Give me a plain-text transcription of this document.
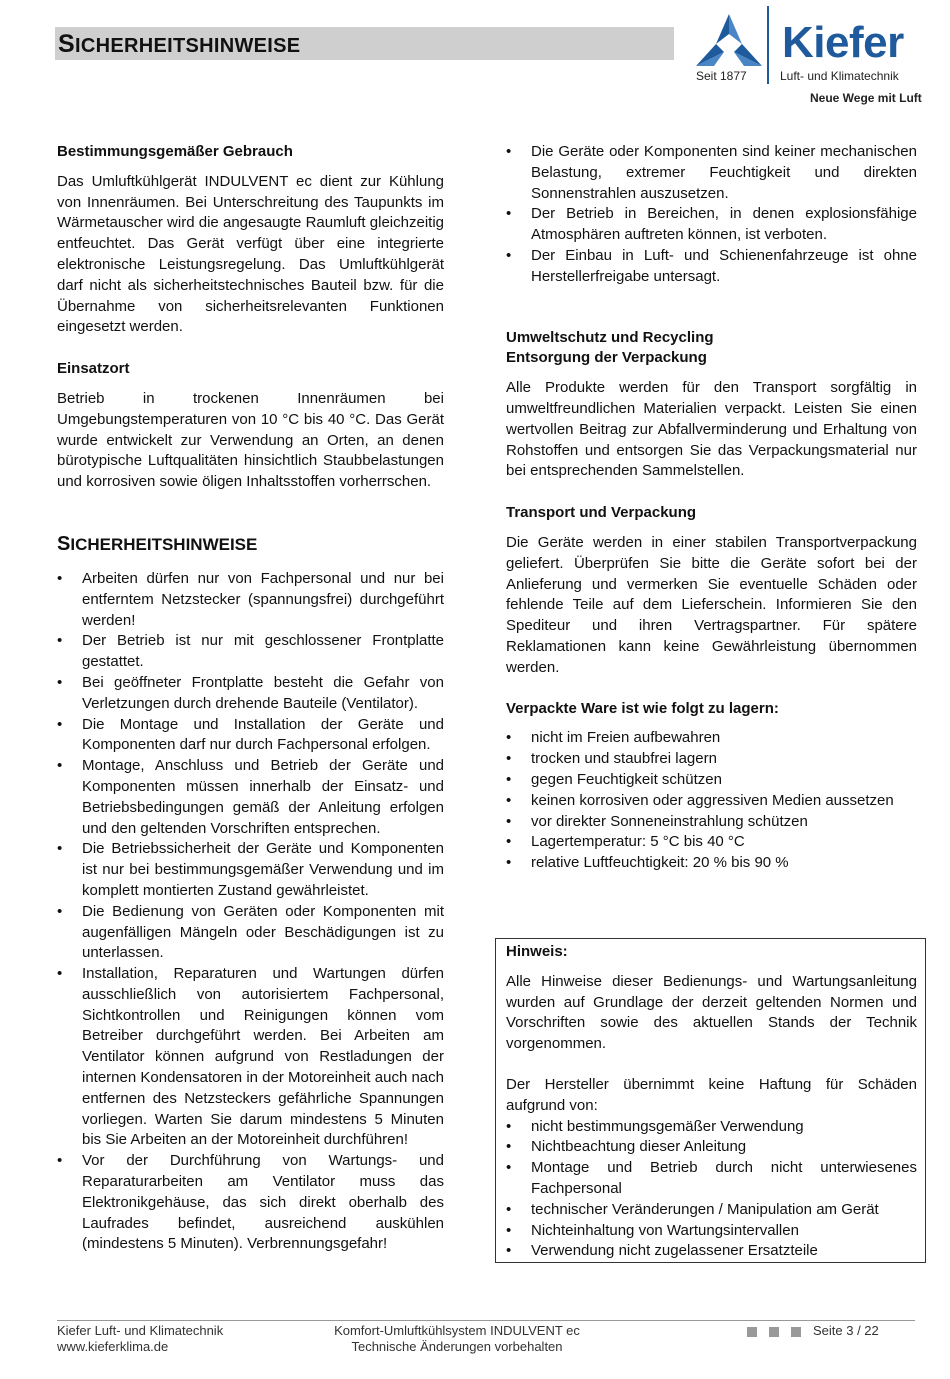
SICHERHEITSHINWEISE	Kiefer
Seit 1877	Luft- und Klimatechnik
Neue Wege mit Luft
Bestimmungsgemäßer Gebrauch

Das Umluftkühlgerät INDULVENT ec dient zur Kühlung von Innenräumen. Bei Unterschreitung des Taupunkts im Wärmetauscher wird die angesaugte Raumluft gleichzeitig entfeuchtet. Das Gerät verfügt über eine integrierte elektronische Leistungsregelung. Das Umluftkühlgerät darf nicht als sicherheitstechnisches Bauteil bzw. für die Übernahme von sicherheitsrelevanten Funktionen eingesetzt werden.

Einsatzort

Betrieb in trockenen Innenräumen bei Umgebungstemperaturen von 10 °C bis 40 °C. Das Gerät wurde entwickelt zur Verwendung an Orten, an denen bürotypische Luftqualitäten hinsichtlich Staubbelastungen und korrosiven sowie öligen Inhaltsstoffen vorherrschen.

SICHERHEITSHINWEISE
• Arbeiten dürfen nur von Fachpersonal und nur bei entferntem Netzstecker (spannungsfrei) durchgeführt werden!
• Der Betrieb ist nur mit geschlossener Frontplatte gestattet.
• Bei geöffneter Frontplatte besteht die Gefahr von Verletzungen durch drehende Bauteile (Ventilator).
• Die Montage und Installation der Geräte und Komponenten darf nur durch Fachpersonal erfolgen.
• Montage, Anschluss und Betrieb der Geräte und Komponenten müssen innerhalb der Einsatz- und Betriebsbedingungen gemäß der Anleitung erfolgen und den geltenden Vorschriften entsprechen.
• Die Betriebssicherheit der Geräte und Komponenten ist nur bei bestimmungsgemäßer Verwendung und im komplett montierten Zustand gewährleistet.
• Die Bedienung von Geräten oder Komponenten mit augenfälligen Mängeln oder Beschädigungen ist zu unterlassen.
• Installation, Reparaturen und Wartungen dürfen ausschließlich von autorisiertem Fachpersonal, Sichtkontrollen und Reinigungen können vom Betreiber durchgeführt werden. Bei Arbeiten am Ventilator können aufgrund von Restladungen der internen Kondensatoren in der Motoreinheit auch nach entfernen des Netzsteckers gefährliche Spannungen vorliegen. Warten Sie darum mindestens 5 Minuten bis Sie Arbeiten an der Motoreinheit durchführen!
• Vor der Durchführung von Wartungs- und Reparaturarbeiten am Ventilator muss das Elektronikgehäuse, das sich direkt oberhalb des Laufrades befindet, ausreichend auskühlen (mindestens 5 Minuten). Verbrennungsgefahr!
• Die Geräte oder Komponenten sind keiner mechanischen Belastung, extremer Feuchtigkeit und direkten Sonnenstrahlen auszusetzen.
• Der Betrieb in Bereichen, in denen explosionsfähige Atmosphären auftreten können, ist verboten.
• Der Einbau in Luft- und Schienenfahrzeuge ist ohne Herstellerfreigabe untersagt.
Umweltschutz und Recycling
Entsorgung der Verpackung

Alle Produkte werden für den Transport sorgfältig in umweltfreundlichen Materialien verpackt. Leisten Sie einen wertvollen Beitrag zur Abfallverminderung und Erhaltung von Rohstoffen und entsorgen Sie das Verpackungsmaterial nur bei entsprechenden Sammelstellen.

Transport und Verpackung

Die Geräte werden in einer stabilen Transportverpackung geliefert. Überprüfen Sie bitte die Geräte sofort bei der Anlieferung und vermerken Sie eventuelle Schäden oder fehlende Teile auf dem Lieferschein. Informieren Sie den Spediteur und ihren Vertragspartner. Für spätere Reklamationen kann keine Gewährleistung übernommen werden.

Verpackte Ware ist wie folgt zu lagern:
• nicht im Freien aufbewahren
• trocken und staubfrei lagern
• gegen Feuchtigkeit schützen
• keinen korrosiven oder aggressiven Medien aussetzen
• vor direkter Sonneneinstrahlung schützen
• Lagertemperatur: 5 °C bis 40 °C
• relative Luftfeuchtigkeit: 20 % bis 90 %
Hinweis:

Alle Hinweise dieser Bedienungs- und Wartungsanleitung wurden auf Grundlage der derzeit geltenden Normen und Vorschriften sowie des aktuellen Stands der Technik vorgenommen.

Der Hersteller übernimmt keine Haftung für Schäden aufgrund von:

• nicht bestimmungsgemäßer Verwendung
• Nichtbeachtung dieser Anleitung
• Montage und Betrieb durch nicht unterwiesenes Fachpersonal
• technischer Veränderungen / Manipulation am Gerät
• Nichteinhaltung von Wartungsintervallen
• Verwendung nicht zugelassener Ersatzteile
Kiefer Luft- und Klimatechnik
www.kieferklima.de
Komfort-Umluftkühlsystem INDULVENT ec
Technische Änderungen vorbehalten
Seite 3 / 22
